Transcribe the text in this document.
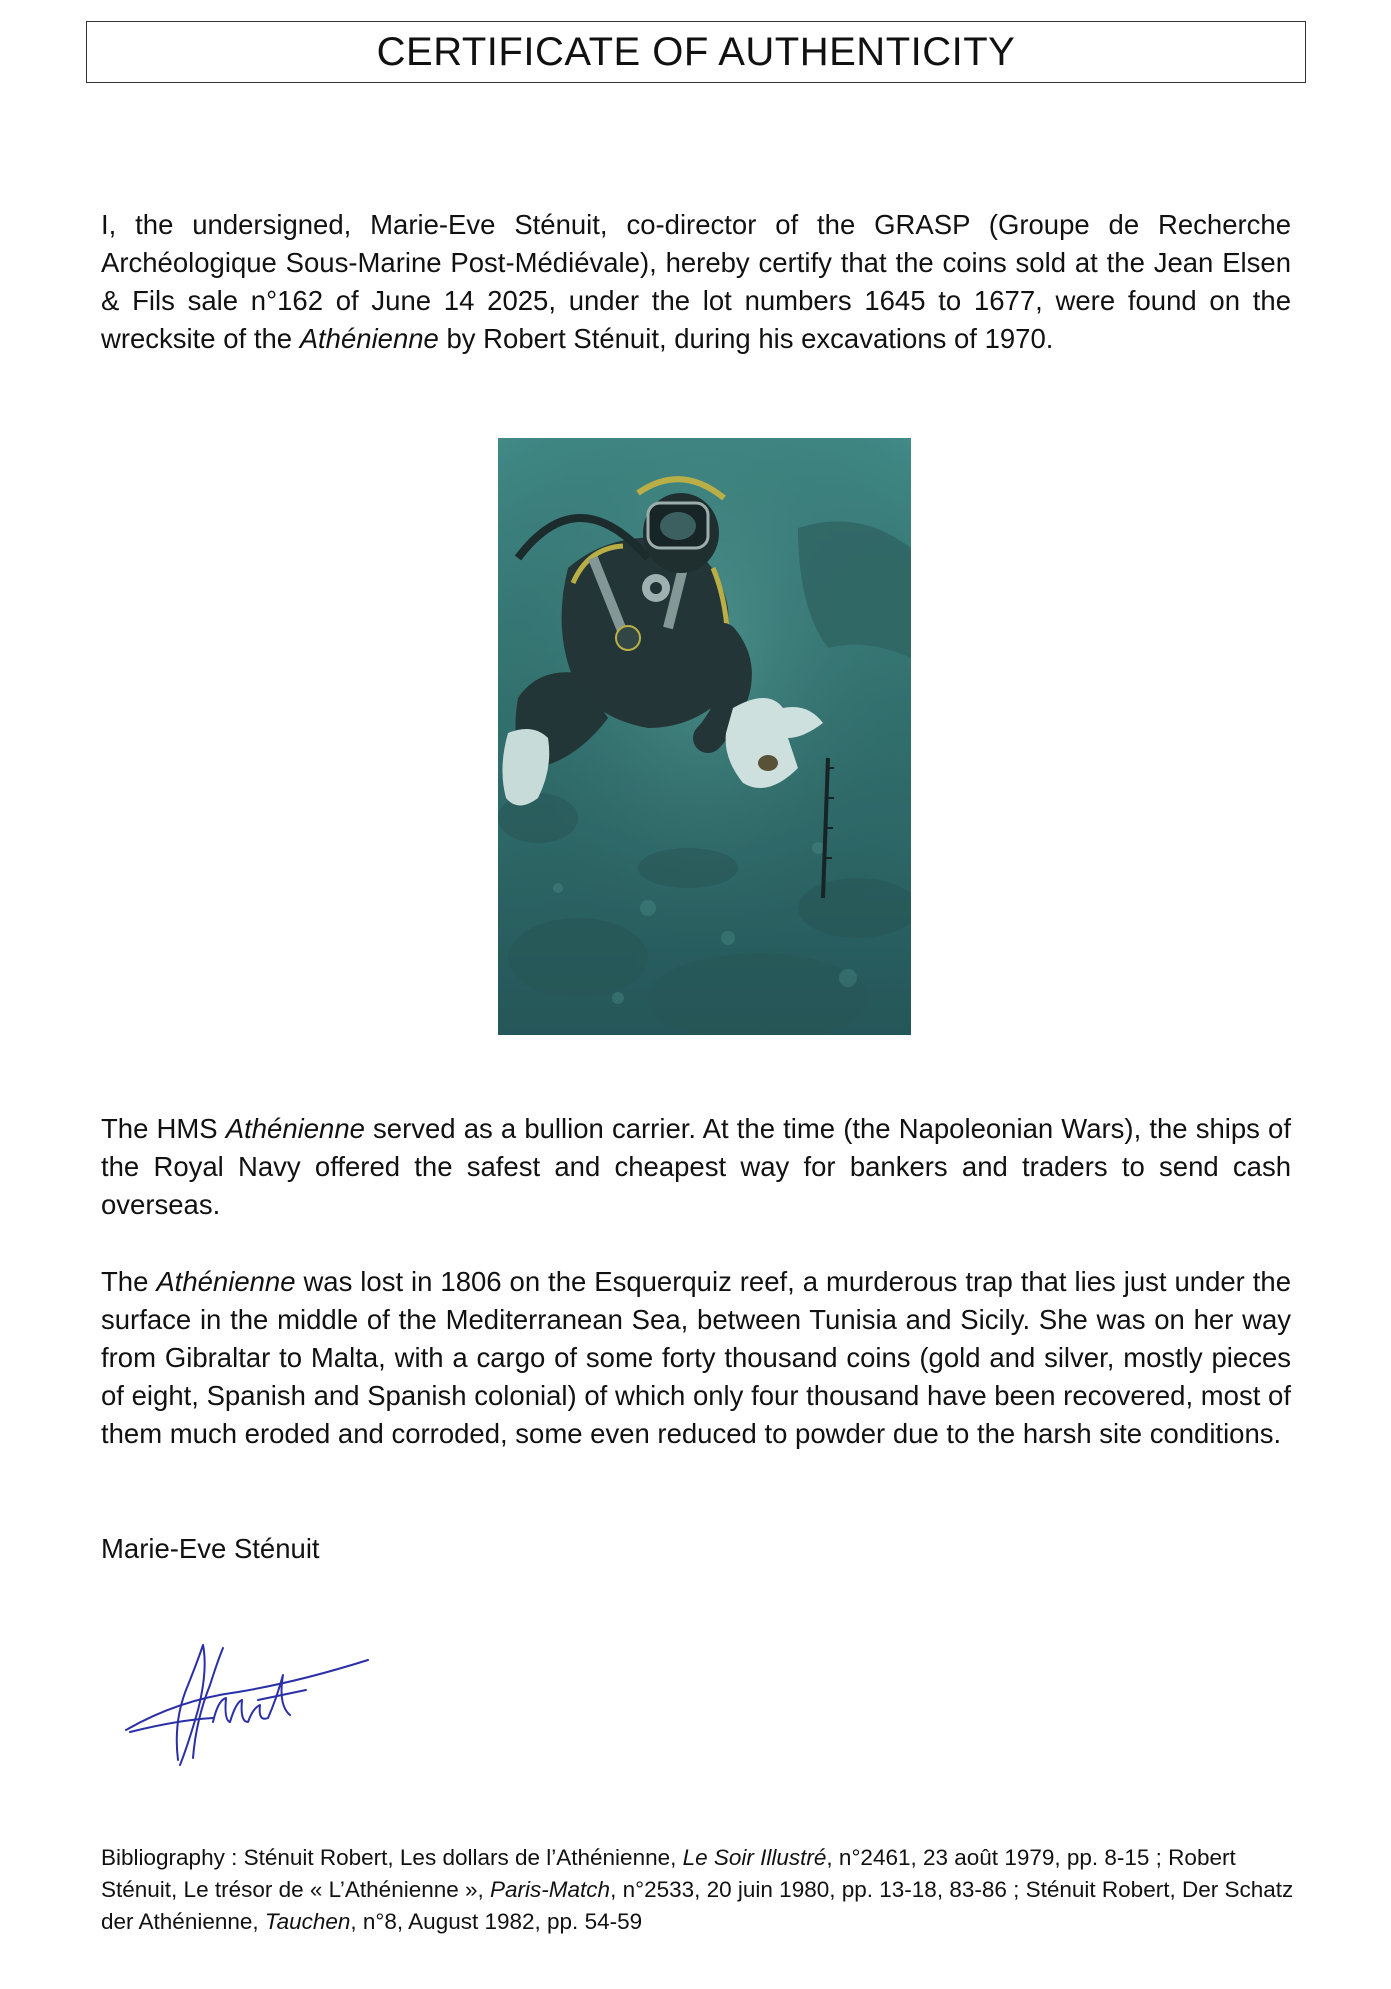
CERTIFICATE OF AUTHENTICITY

I, the undersigned, Marie-Eve Sténuit, co-director of the GRASP (Groupe de Recherche Archéologique Sous-Marine Post-Médiévale), hereby certify that the coins sold at the Jean Elsen & Fils sale n°162 of June 14 2025, under the lot numbers 1645 to 1677, were found on the wrecksite of the Athénienne by Robert Sténuit, during his excavations of 1970.

The HMS Athénienne served as a bullion carrier. At the time (the Napoleonian Wars), the ships of the Royal Navy offered the safest and cheapest way for bankers and traders to send cash overseas.

The Athénienne was lost in 1806 on the Esquerquiz reef, a murderous trap that lies just under the surface in the middle of the Mediterranean Sea, between Tunisia and Sicily. She was on her way from Gibraltar to Malta, with a cargo of some forty thousand coins (gold and silver, mostly pieces of eight, Spanish and Spanish colonial) of which only four thousand have been recovered, most of them much eroded and corroded, some even reduced to powder due to the harsh site conditions.

Marie-Eve Sténuit

Bibliography : Sténuit Robert, Les dollars de l’Athénienne, Le Soir Illustré, n°2461, 23 août 1979, pp. 8-15 ; Robert Sténuit, Le trésor de « L’Athénienne », Paris-Match, n°2533, 20 juin 1980, pp. 13-18, 83-86 ; Sténuit Robert, Der Schatz der Athénienne, Tauchen, n°8, August 1982, pp. 54-59
